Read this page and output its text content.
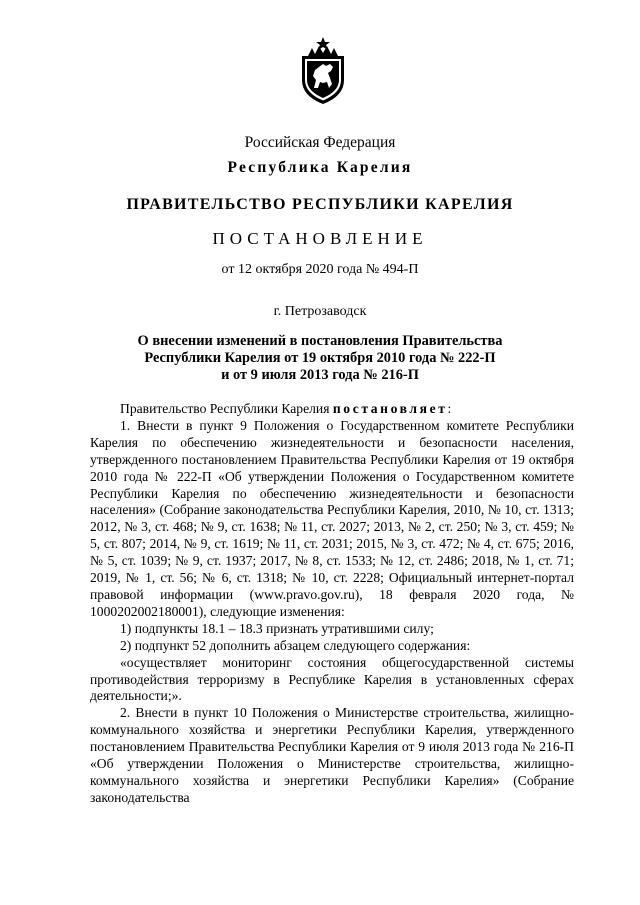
Российская Федерация
Республика Карелия
ПРАВИТЕЛЬСТВО РЕСПУБЛИКИ КАРЕЛИЯ
ПОСТАНОВЛЕНИЕ
от 12 октября 2020 года № 494-П
г. Петрозаводск
О внесении изменений в постановления Правительства
Республики Карелия от 19 октября 2010 года № 222-П
и от 9 июля 2013 года № 216-П

Правительство Республики Карелия постановляет:

1. Внести в пункт 9 Положения о Государственном комитете Республики Карелия по обеспечению жизнедеятельности и безопасности населения, утвержденного постановлением Правительства Республики Карелия от 19 октября 2010 года № 222-П «Об утверждении Положения о Государственном комитете Республики Карелия по обеспечению жизнедеятельности и безопасности населения» (Собрание законодательства Республики Карелия, 2010, № 10, ст. 1313; 2012, № 3, ст. 468; № 9, ст. 1638; № 11, ст. 2027; 2013, № 2, ст. 250; № 3, ст. 459; № 5, ст. 807; 2014, № 9, ст. 1619; № 11, ст. 2031; 2015, № 3, ст. 472; № 4, ст. 675; 2016, № 5, ст. 1039; № 9, ст. 1937; 2017, № 8, ст. 1533; № 12, ст. 2486; 2018, № 1, ст. 71; 2019, № 1, ст. 56; № 6, ст. 1318; № 10, ст. 2228; Официальный интернет-портал правовой информации (www.pravo.gov.ru), 18 февраля 2020 года, № 1000202002180001), следующие изменения:

1) подпункты 18.1 – 18.3 признать утратившими силу;

2) подпункт 52 дополнить абзацем следующего содержания:

«осуществляет мониторинг состояния общегосударственной системы противодействия терроризму в Республике Карелия в установленных сферах деятельности;».

2. Внести в пункт 10 Положения о Министерстве строительства, жилищно-коммунального хозяйства и энергетики Республики Карелия, утвержденного постановлением Правительства Республики Карелия от 9 июля 2013 года № 216-П «Об утверждении Положения о Министерстве строительства, жилищно-коммунального хозяйства и энергетики Республики Карелия» (Собрание законодательства
